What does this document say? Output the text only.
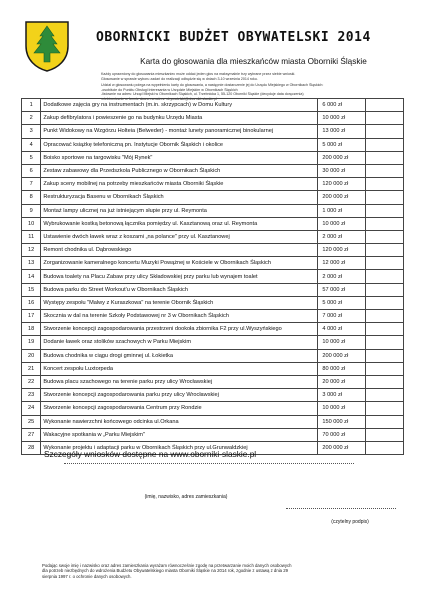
OBORNICKI BUDŻET OBYWATELSKI 2014
Karta do głosowania dla mieszkańców miasta Oborniki Śląskie
Każdy uprawniony do głosowania mieszkaniec może oddać jeden głos na maksymalnie trzy wybrane przez siebie wnioski.
Głosowanie w sprawie wyboru zadań do realizacji odbędzie się w dniach 3-10 września 2014 roku.
Udział w głosowaniu polega na wypełnieniu karty do głosowania, a następnie dostarczenie jej do Urzędu Miejskiego w Obornikach Śląskich:
-osobiście do Punktu Obsługi Interesanta w Urzędzie Miejskim w Obornikach Śląskich
-listownie na adres: Urząd Miejski w Obornikach Śląskich, ul. Trzebnicka 1, 55-120 Oborniki Śląskie (decyduje data doręczenia)
-elektronicznie w formie skanu na adres: obywatelski@oborniki-slaskie.pl
1	Dodatkowe zajęcia gry na instrumentach (m.in. skrzypcach) w Domu Kultury	6 000 zł	
2	Zakup defibrylatora i powieszenie go na budynku Urzędu Miasta	10 000 zł	
3	Punkt Widokowy na Wzgórzu Holteia (Belweder) - montaż lunety panoramicznej binokularnej	13 000 zł	
4	Opracować książkę telefoniczną pn. Instytucje Obornik Śląskich i okolice	5 000 zł	
5	Boisko sportowe na targowisku "Mój Rynek"	200 000 zł	
6	Zestaw zabawowy dla Przedszkola Publicznego w Obornikach Śląskich	30 000 zł	
7	Zakup sceny mobilnej na potrzeby mieszkańców miasta Oborniki Śląskie	120 000 zł	
8	Restrukturyzacja Basenu w Obornikach Śląskich	200 000 zł	
9	Montaż lampy ulicznej na już istniejącym słupie przy ul. Reymonta	1 000 zł	
10	Wybrukowanie kostką betonową łącznika pomiędzy ul. Kasztanową oraz ul. Reymonta	10 000 zł	
11	Ustawienie dwóch ławek wraz z koszami „na polance" przy ul. Kasztanowej	2 000 zł	
12	Remont chodnika ul. Dąbrowskiego	120 000 zł	
13	Zorganizowanie kameralnego koncertu Muzyki Powążnej w Kościele w Obornikach Śląskich	12 000 zł	
14	Budowa toalety na Placu Zabaw przy ulicy Składowskiej przy parku lub wynajem toalet	2 000 zł	
15	Budowa parku do Street Workout'u w Obornikach Śląskich	57 000 zł	
16	Występy zespołu "Malwy z Kuraszkowa" na terenie Obornik Śląskich	5 000 zł	
17	Skocznia w dal na terenie Szkoły Podstawowej nr 3 w Obornikach Śląskich	7 000 zł	
18	Stworzenie koncepcji zagospodarowania przestrzeni dookoła zbiornika F2 przy ul.Wyszyńskiego	4 000 zł	
19	Dodanie ławek oraz stolików szachowych w Parku Miejskim	10 000 zł	
20	Budowa chodnika w ciągu drogi gminnej ul. Łokietka	200 000 zł	
21	Koncert zespołu Luxtorpeda	80 000 zł	
22	Budowa placu szachowego na terenie parku przy ulicy Wrocławskiej	20 000 zł	
23	Stworzenie koncepcji zagospodarowania parku przy ulicy Wrocławskiej	3 000 zł	
24	Stworzenie koncepcji zagospodarowania Centrum przy Rondzie	10 000 zł	
25	Wykonanie nawierzchni końcowego odcinka ul.Orkana	150 000 zł	
27	Wakacyjne spotkania w „Parku Miejskim"	70 000 zł	
28	Wykonanie projektu i adaptacji parku w Obornikach Śląskich przy ul.Grunwaldzkiej	200 000 zł	
Szczegóły wniosków dostępne na www.oborniki-slaskie.pl
(imię, nazwisko, adres zamieszkania)
(czytelny podpis)
Podając swoje imię i nazwisko oraz adres zamieszkania wyrażam równocześnie zgodę na przetwarzanie moich danych osobowych
dla potrzeb niezbędnych do wdrożenia Budżetu Obywatelskiego miasta Oborniki Śląskie na 2014 rok, zgodnie z ustawą z dnia 29
sierpnia 1997 r. o ochronie danych osobowych.
